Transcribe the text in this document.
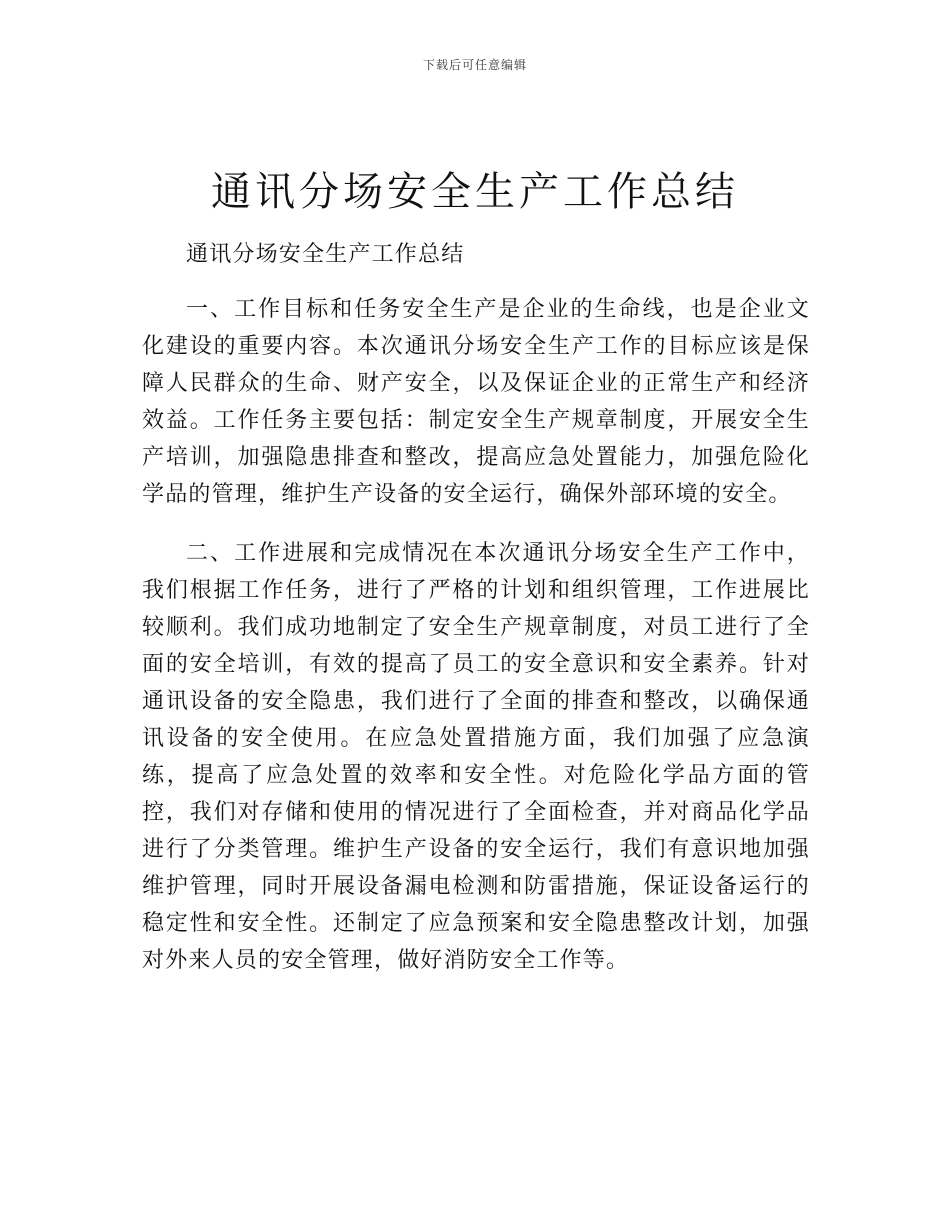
下载后可任意编辑
通讯分场安全生产工作总结

通讯分场安全生产工作总结

一、工作目标和任务安全生产是企业的生命线，也是企业文化建设的重要内容。本次通讯分场安全生产工作的目标应该是保障人民群众的生命、财产安全，以及保证企业的正常生产和经济效益。工作任务主要包括：制定安全生产规章制度，开展安全生产培训，加强隐患排查和整改，提高应急处置能力，加强危险化学品的管理，维护生产设备的安全运行，确保外部环境的安全。

二、工作进展和完成情况在本次通讯分场安全生产工作中，我们根据工作任务，进行了严格的计划和组织管理，工作进展比较顺利。我们成功地制定了安全生产规章制度，对员工进行了全面的安全培训，有效的提高了员工的安全意识和安全素养。针对通讯设备的安全隐患，我们进行了全面的排查和整改，以确保通讯设备的安全使用。在应急处置措施方面，我们加强了应急演练，提高了应急处置的效率和安全性。对危险化学品方面的管控，我们对存储和使用的情况进行了全面检查，并对商品化学品进行了分类管理。维护生产设备的安全运行，我们有意识地加强维护管理，同时开展设备漏电检测和防雷措施，保证设备运行的稳定性和安全性。还制定了应急预案和安全隐患整改计划，加强对外来人员的安全管理，做好消防安全工作等。
